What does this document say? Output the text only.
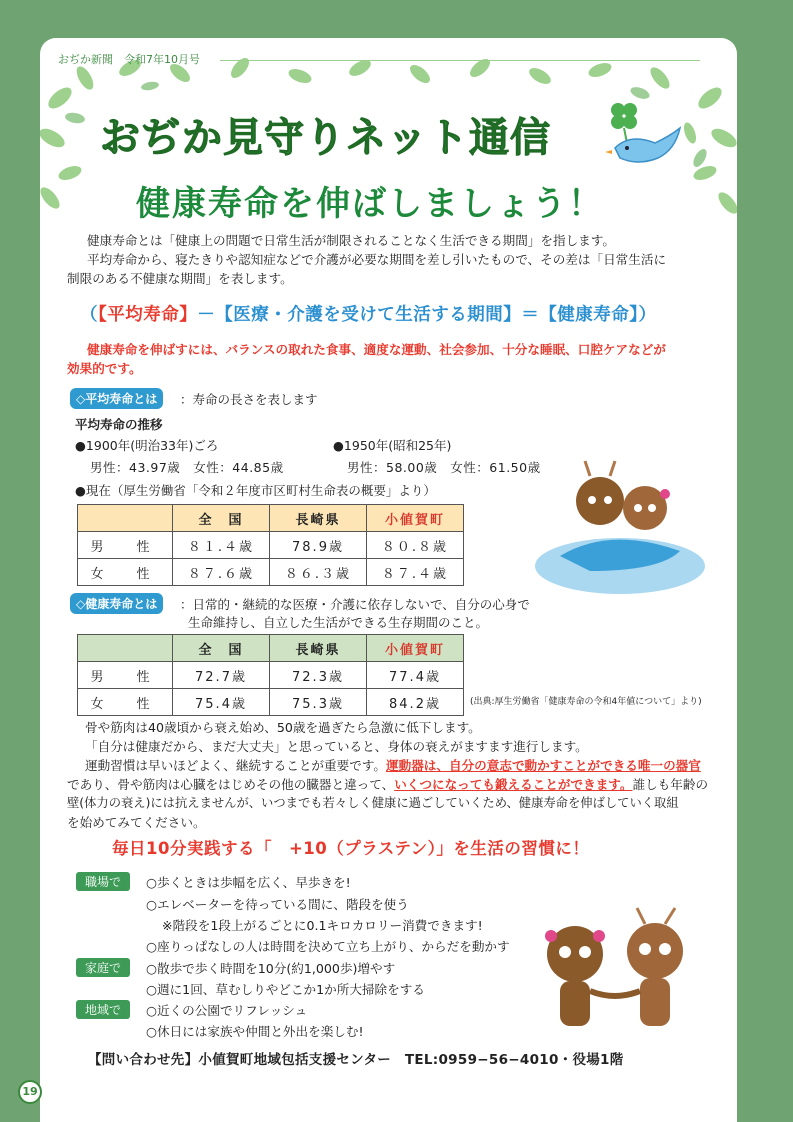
おぢか新聞　令和7年10月号
おぢか見守りネット通信
健康寿命を伸ばしましょう！
健康寿命とは「健康上の問題で日常生活が制限されることなく生活できる期間」を指します。
平均寿命から、寝たきりや認知症などで介護が必要な期間を差し引いたもので、その差は「日常生活に
制限のある不健康な期間」を表します。
（【平均寿命】－【医療・介護を受けて生活する期間】＝【健康寿命】）
健康寿命を伸ばすには、バランスの取れた食事、適度な運動、社会参加、十分な睡眠、口腔ケアなどが
効果的です。
◇平均寿命とは	：寿命の長さを表します
平均寿命の推移
●1900年(明治33年)ごろ
男性：43.97歳　女性：44.85歳
●1950年(昭和25年)
男性：58.00歳　女性：61.50歳
●現在（厚生労働省「令和２年度市区町村生命表の概要」より）
	全　国	長崎県	小値賀町
男　性	８１.４歳	78.9歳	８０.８歳
女　性	８７.６歳	８６.３歳	８７.４歳
◇健康寿命とは	：日常的・継続的な医療・介護に依存しないで、自分の心身で
生命維持し、自立した生活ができる生存期間のこと。
	全　国	長崎県	小値賀町
男　性	72.7歳	72.3歳	77.4歳
女　性	75.4歳	75.3歳	84.2歳	(出典:厚生労働省「健康寿命の令和4年値について」より)
骨や筋肉は40歳頃から衰え始め、50歳を過ぎたら急激に低下します。
「自分は健康だから、まだ大丈夫」と思っていると、身体の衰えがますます進行します。
運動習慣は早いほどよく、継続することが重要です。運動器は、自分の意志で動かすことができる唯一の器官
であり、骨や筋肉は心臓をはじめその他の臓器と違って、いくつになっても鍛えることができます。誰しも年齢の
壁(体力の衰え)には抗えませんが、いつまでも若々しく健康に過ごしていくため、健康寿命を伸ばしていく取組
を始めてみてください。
毎日10分実践する「　+10（プラステン）」を生活の習慣に！
職場で	○歩くときは歩幅を広く、早歩きを!
○エレベーターを待っている間に、階段を使う
※階段を1段上がるごとに0.1キロカロリー消費できます!
○座りっぱなしの人は時間を決めて立ち上がり、からだを動かす
家庭で	○散歩で歩く時間を10分(約1,000歩)増やす
○週に1回、草むしりやどこか1か所大掃除をする
地域で	○近くの公園でリフレッシュ
○休日には家族や仲間と外出を楽しむ!
【問い合わせ先】小値賀町地域包括支援センター　TEL:0959−56−4010・役場1階
19
